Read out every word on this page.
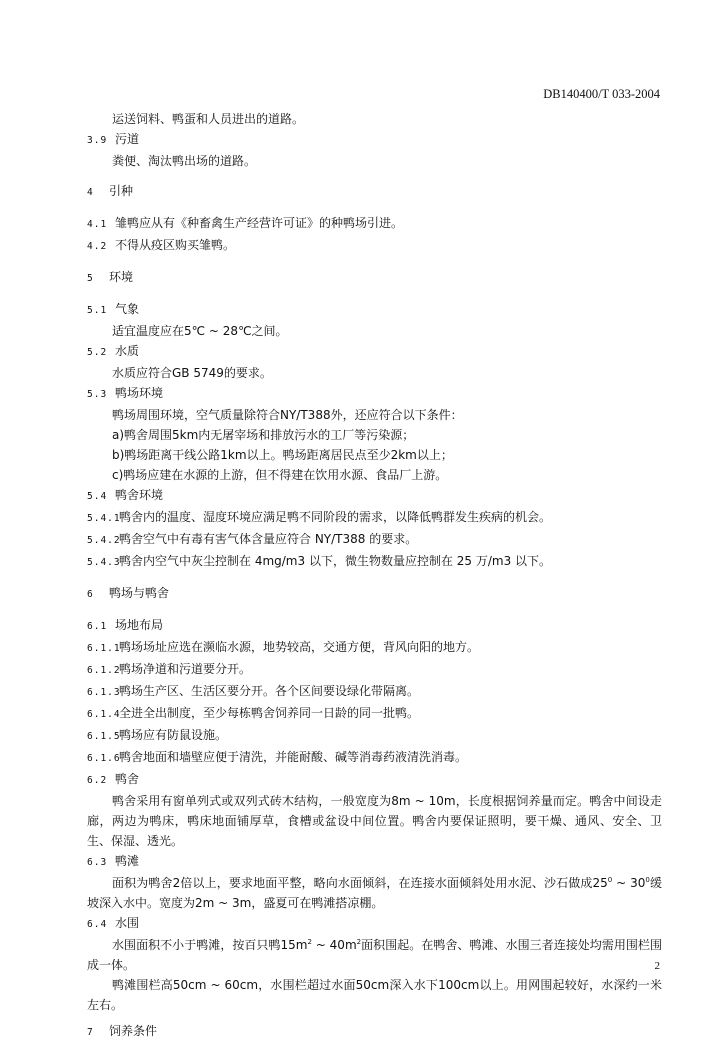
DB140400/T 033-2004
运送饲料、鸭蛋和人员进出的道路。
3.9 污道
粪便、淘汰鸭出场的道路。
4 引种
4.1 雏鸭应从有《种畜禽生产经营许可证》的种鸭场引进。
4.2 不得从疫区购买雏鸭。
5 环境
5.1 气象
适宜温度应在5℃ ~ 28℃之间。
5.2 水质
水质应符合GB 5749的要求。
5.3 鸭场环境
鸭场周围环境，空气质量除符合NY/T388外，还应符合以下条件：
a)鸭舍周围5km内无屠宰场和排放污水的工厂等污染源；
b)鸭场距离干线公路1km以上。鸭场距离居民点至少2km以上；
c)鸭场应建在水源的上游，但不得建在饮用水源、食品厂上游。
5.4 鸭舍环境
5.4.1鸭舍内的温度、湿度环境应满足鸭不同阶段的需求，以降低鸭群发生疾病的机会。
5.4.2鸭舍空气中有毒有害气体含量应符合 NY/T388 的要求。
5.4.3鸭舍内空气中灰尘控制在 4mg/m3 以下，微生物数量应控制在 25 万/m3 以下。
6 鸭场与鸭舍
6.1 场地布局
6.1.1鸭场场址应选在濒临水源，地势较高，交通方便，背风向阳的地方。
6.1.2鸭场净道和污道要分开。
6.1.3鸭场生产区、生活区要分开。各个区间要设绿化带隔离。
6.1.4全进全出制度，至少每栋鸭舍饲养同一日龄的同一批鸭。
6.1.5鸭场应有防鼠设施。
6.1.6鸭舍地面和墙壁应便于清洗，并能耐酸、碱等消毒药液清洗消毒。
6.2 鸭舍
鸭舍采用有窗单列式或双列式砖木结构，一般宽度为8m ~ 10m，长度根据饲养量而定。鸭舍中间设走廊，两边为鸭床，鸭床地面铺厚草，食槽或盆设中间位置。鸭舍内要保证照明，要干燥、通风、安全、卫生、保湿、透光。
6.3 鸭滩
面积为鸭舍2倍以上，要求地面平整，略向水面倾斜，在连接水面倾斜处用水泥、沙石做成$25^0$ ~ $30^0$缓坡深入水中。宽度为2m ~ 3m，盛夏可在鸭滩搭凉棚。
6.4 水围
水围面积不小于鸭滩，按百只鸭$15m^2$ ~ $40m^2$面积围起。在鸭舍、鸭滩、水围三者连接处均需用围栏围成一体。
鸭滩围栏高50cm ~ 60cm，水围栏超过水面50cm深入水下100cm以上。用网围起较好，水深约一米左右。
7 饲养条件
2
